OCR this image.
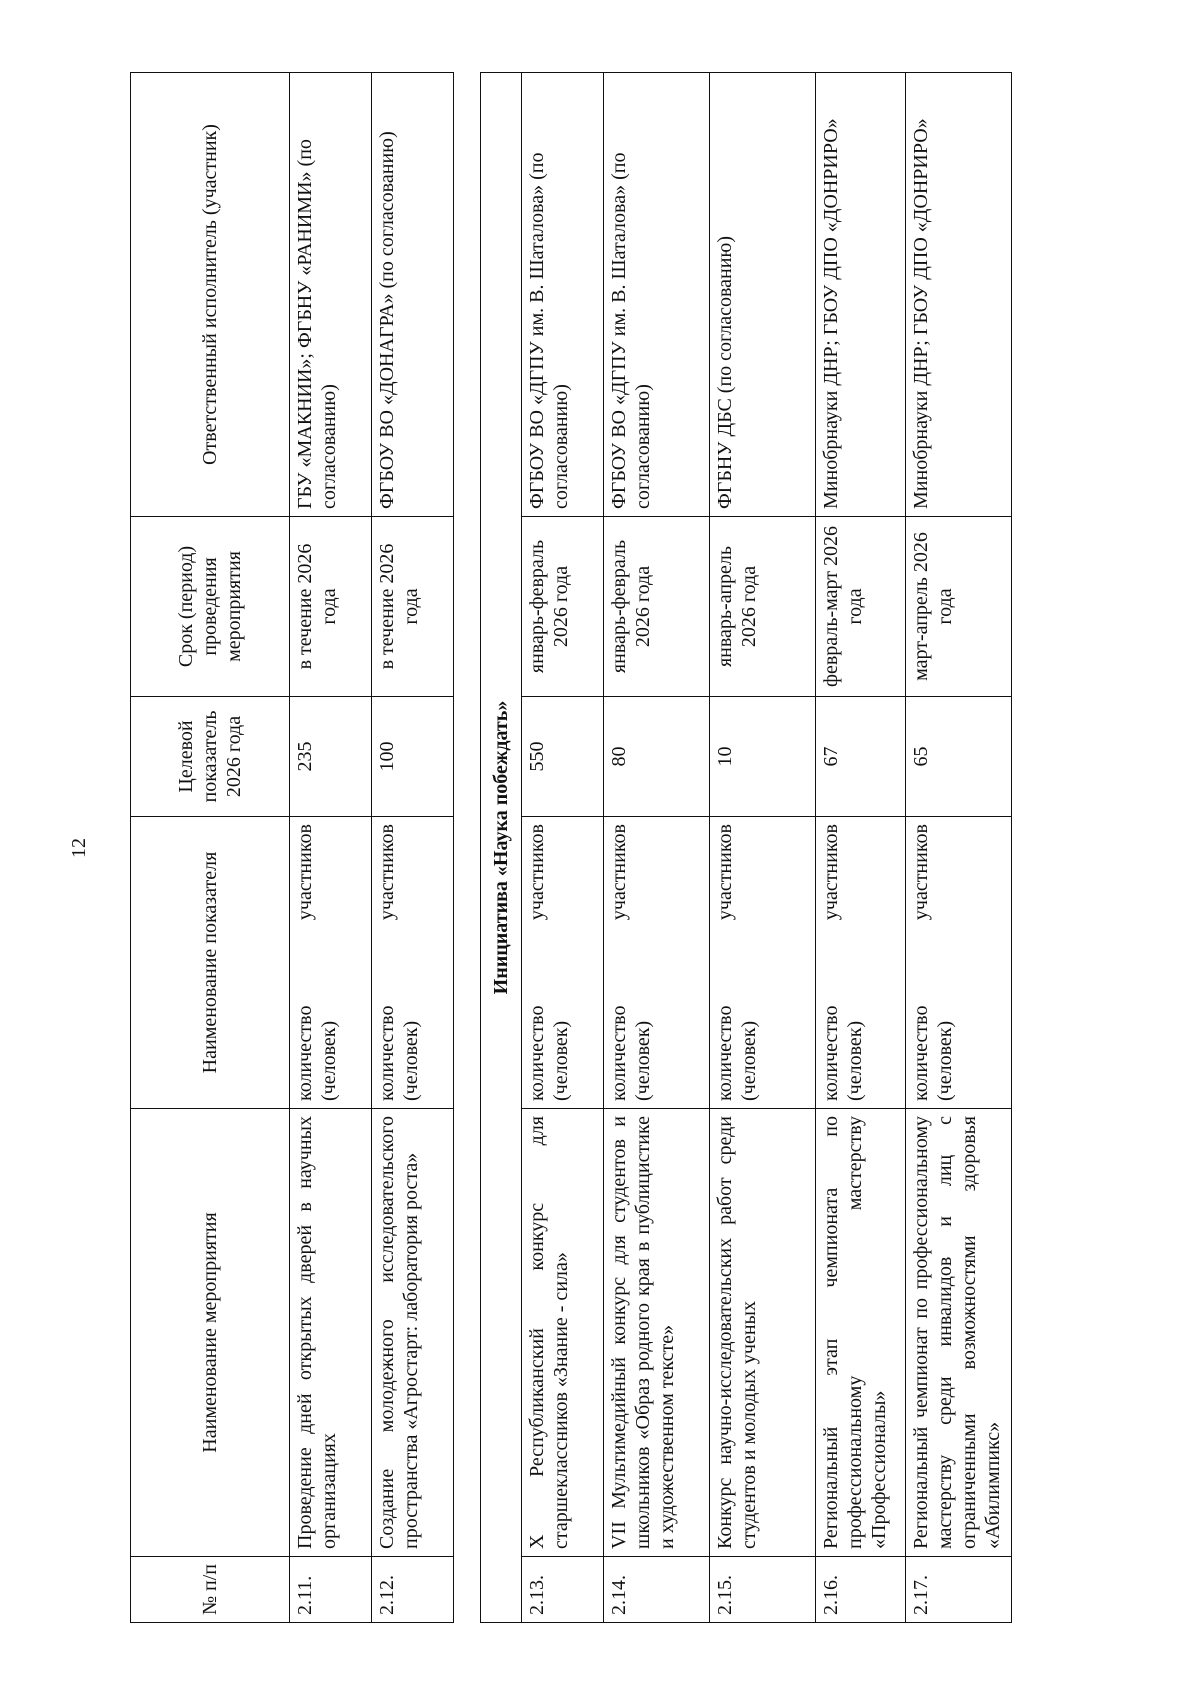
12
№ п/п	Наименование мероприятия	Наименование показателя	Целевой показатель 2026 года	Срок (период) проведения мероприятия	Ответственный исполнитель (участник)
2.11.	Проведение дней открытых дверей в научных организациях	количество участников (человек)	235	в течение 2026 года	ГБУ «МАКНИИ»; ФГБНУ «РАНИМИ» (по согласованию)
2.12.	Создание молодежного исследовательского пространства «Агростарт: лаборатория роста»	количество участников (человек)	100	в течение 2026 года	ФГБОУ ВО «ДОНАГРА» (по согласованию)

Инициатива «Наука побеждать»					
2.13.	X Республиканский конкурс для старшеклассников «Знание - сила»	количество участников (человек)	550	январь-февраль 2026 года	ФГБОУ ВО «ДГПУ им. В. Шаталова» (по согласованию)
2.14.	VII Мультимедийный конкурс для студентов и школьников «Образ родного края в публицистике и художественном тексте»	количество участников (человек)	80	январь-февраль 2026 года	ФГБОУ ВО «ДГПУ им. В. Шаталова» (по согласованию)
2.15.	Конкурс научно-исследовательских работ среди студентов и молодых ученых	количество участников (человек)	10	январь-апрель 2026 года	ФГБНУ ДБС (по согласованию)
2.16.	Региональный этап чемпионата по профессиональному мастерству «Профессионалы»	количество участников (человек)	67	февраль-март 2026 года	Минобрнауки ДНР; ГБОУ ДПО «ДОНРИРО»
2.17.	Региональный чемпионат по профессиональному мастерству среди инвалидов и лиц с ограниченными возможностями здоровья «Абилимпикс»	количество участников (человек)	65	март-апрель 2026 года	Минобрнауки ДНР; ГБОУ ДПО «ДОНРИРО»
